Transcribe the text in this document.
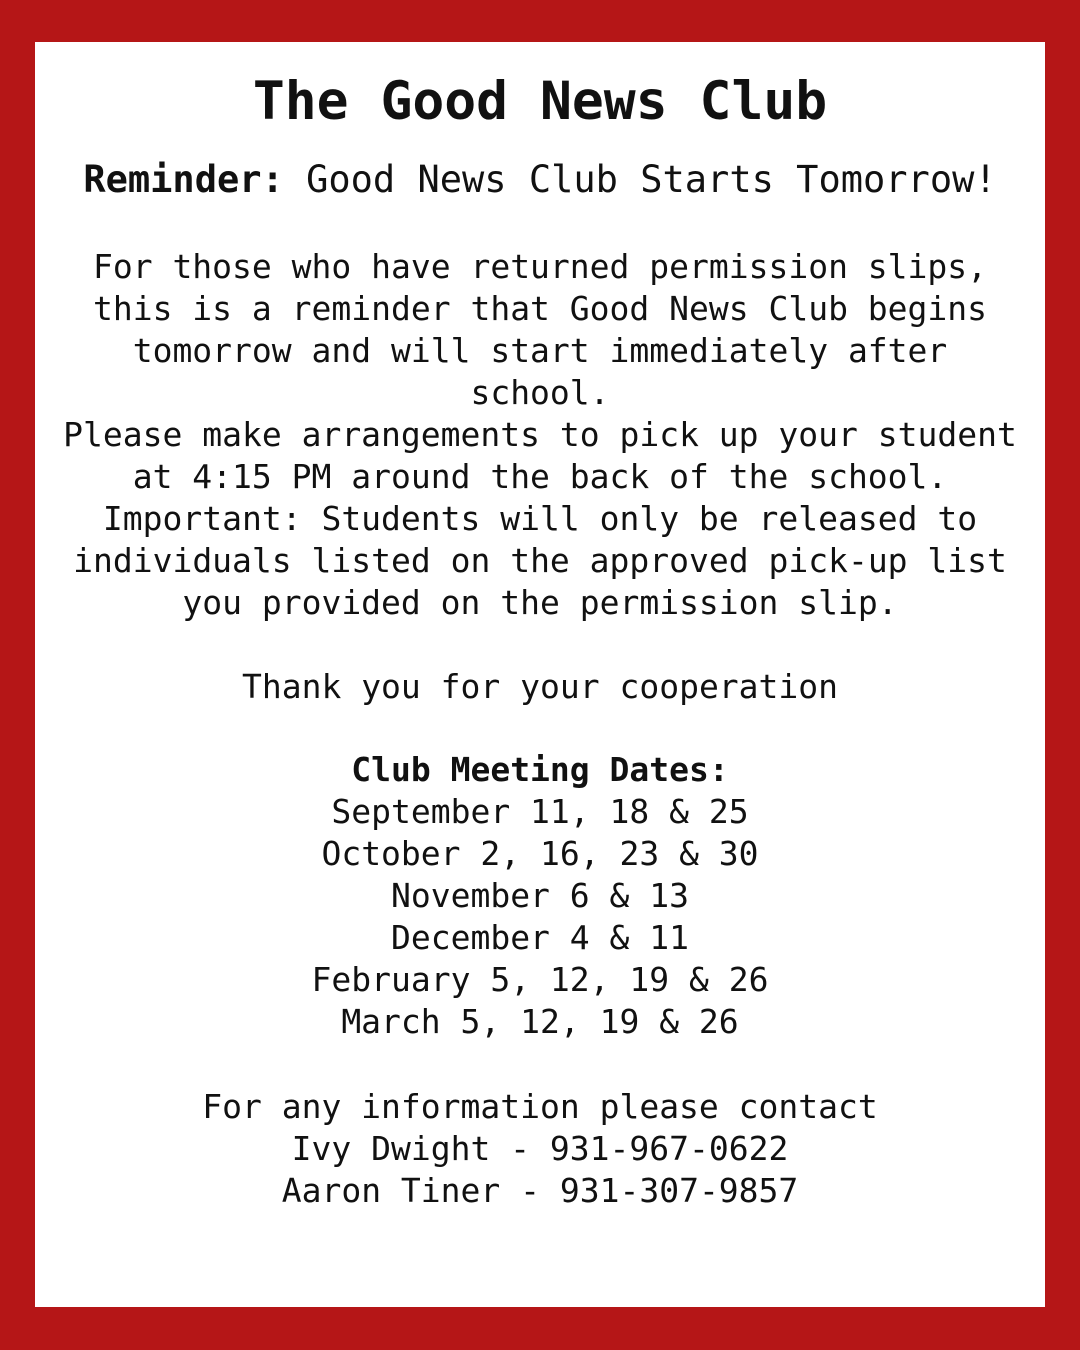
The Good News Club

Reminder: Good News Club Starts Tomorrow!

For those who have returned permission slips,
this is a reminder that Good News Club begins
tomorrow and will start immediately after
school.
Please make arrangements to pick up your student
at 4:15 PM around the back of the school.
Important: Students will only be released to
individuals listed on the approved pick-up list
you provided on the permission slip.
Thank you for your cooperation
Club Meeting Dates:
September 11, 18 & 25
October 2, 16, 23 & 30
November 6 & 13
December 4 & 11
February 5, 12, 19 & 26
March 5, 12, 19 & 26
For any information please contact
Ivy Dwight - 931-967-0622
Aaron Tiner - 931-307-9857
